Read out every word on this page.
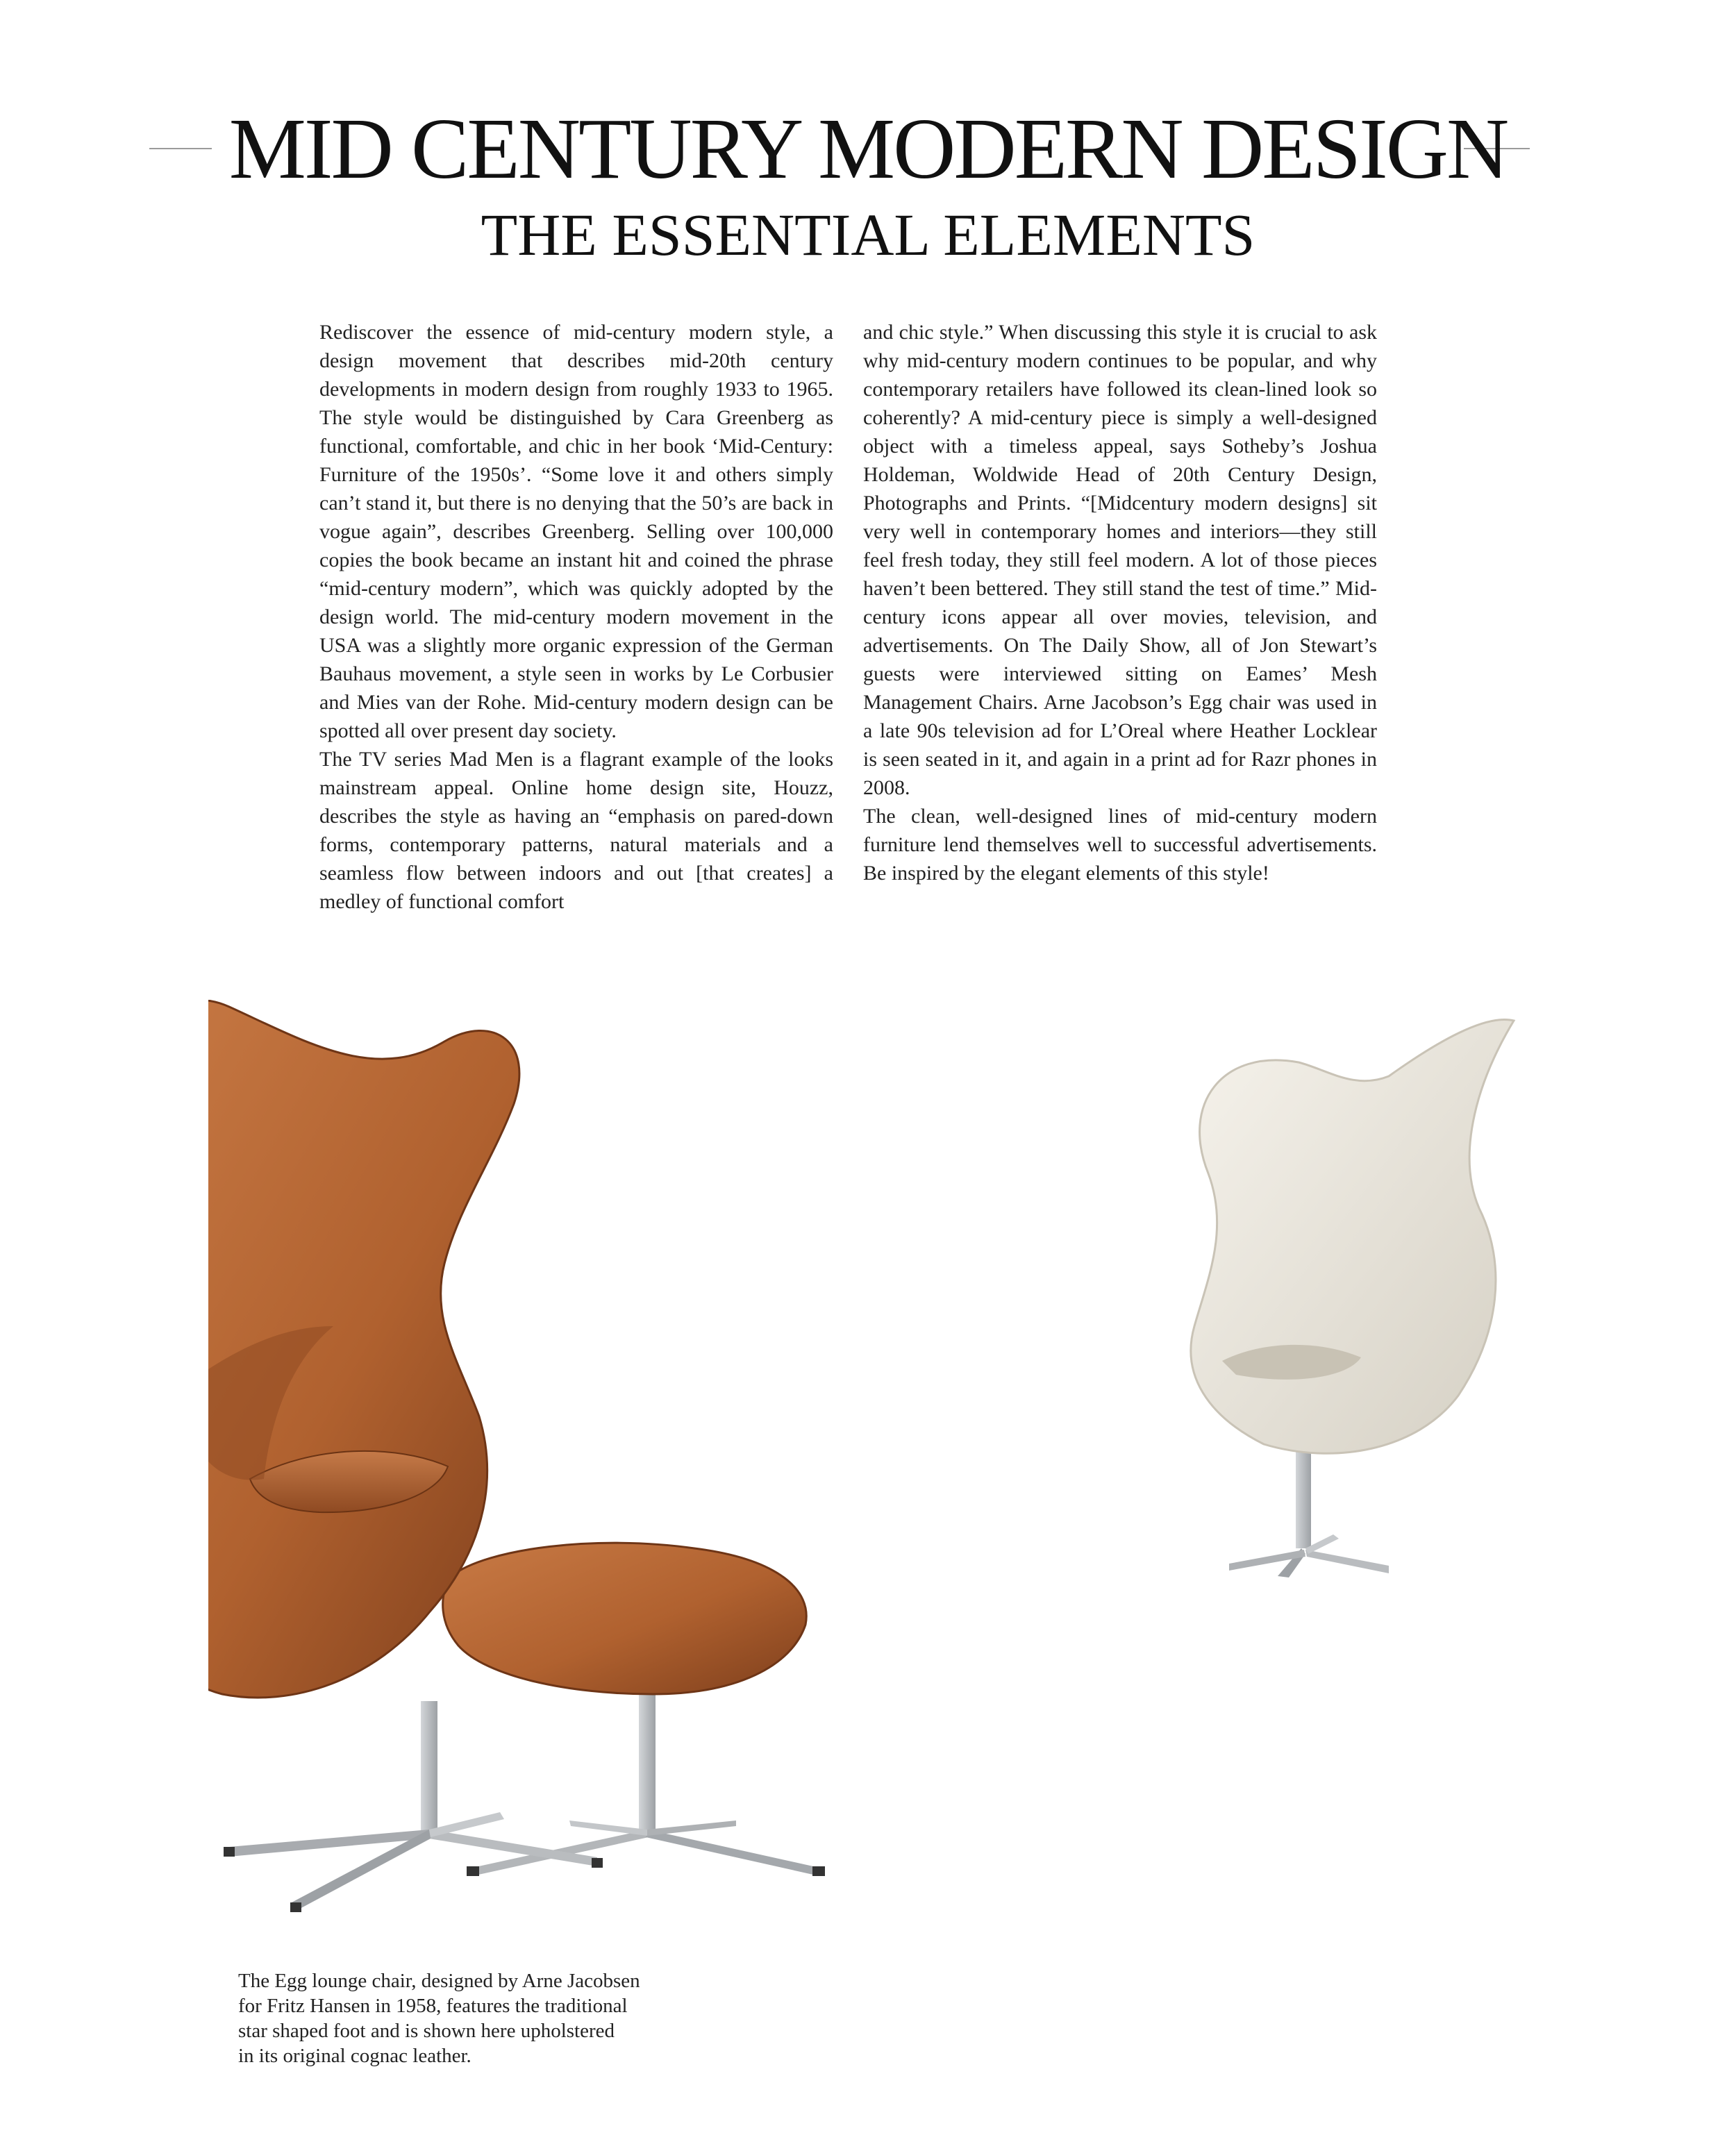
MID CENTURY MODERN DESIGN
THE ESSENTIAL ELEMENTS

Rediscover the essence of mid-century modern style, a design movement that describes mid-20th century developments in modern design from roughly 1933 to 1965. The style would be distinguished by Cara Greenberg as functional, comfortable, and chic in her book ‘Mid-Century: Furniture of the 1950s’. “Some love it and others simply can’t stand it, but there is no denying that the 50’s are back in vogue again”, describes Greenberg. Selling over 100,000 copies the book became an instant hit and coined the phrase “mid-century modern”, which was quickly adopted by the design world. The mid-century modern movement in the USA was a slightly more organic expression of the German Bauhaus movement, a style seen in works by Le Corbusier and Mies van der Rohe. Mid-century modern design can be spotted all over present day society.

The TV series Mad Men is a flagrant example of the looks mainstream appeal. Online home design site, Houzz, describes the style as having an “emphasis on pared-down forms, contemporary patterns, natural materials and a seamless flow between indoors and out [that creates] a medley of functional comfort

and chic style.” When discussing this style it is crucial to ask why mid-century modern continues to be popular, and why contemporary retailers have followed its clean-lined look so coherently? A mid-century piece is simply a well-designed object with a timeless appeal, says Sotheby’s Joshua Holdeman, Woldwide Head of 20th Century Design, Photographs and Prints. “[Midcentury modern designs] sit very well in contemporary homes and interiors—they still feel fresh today, they still feel modern. A lot of those pieces haven’t been bettered. They still stand the test of time.” Mid-century icons appear all over movies, television, and advertisements. On The Daily Show, all of Jon Stewart’s guests were interviewed sitting on Eames’ Mesh Management Chairs. Arne Jacobson’s Egg chair was used in a late 90s television ad for L’Oreal where Heather Locklear is seen seated in it, and again in a print ad for Razr phones in 2008.

The clean, well-designed lines of mid-century modern furniture lend themselves well to successful advertisements. Be inspired by the elegant elements of this style!

The Egg lounge chair, designed by Arne Jacobsen
for Fritz Hansen in 1958, features the traditional
star shaped foot and is shown here upholstered
in its original cognac leather.
